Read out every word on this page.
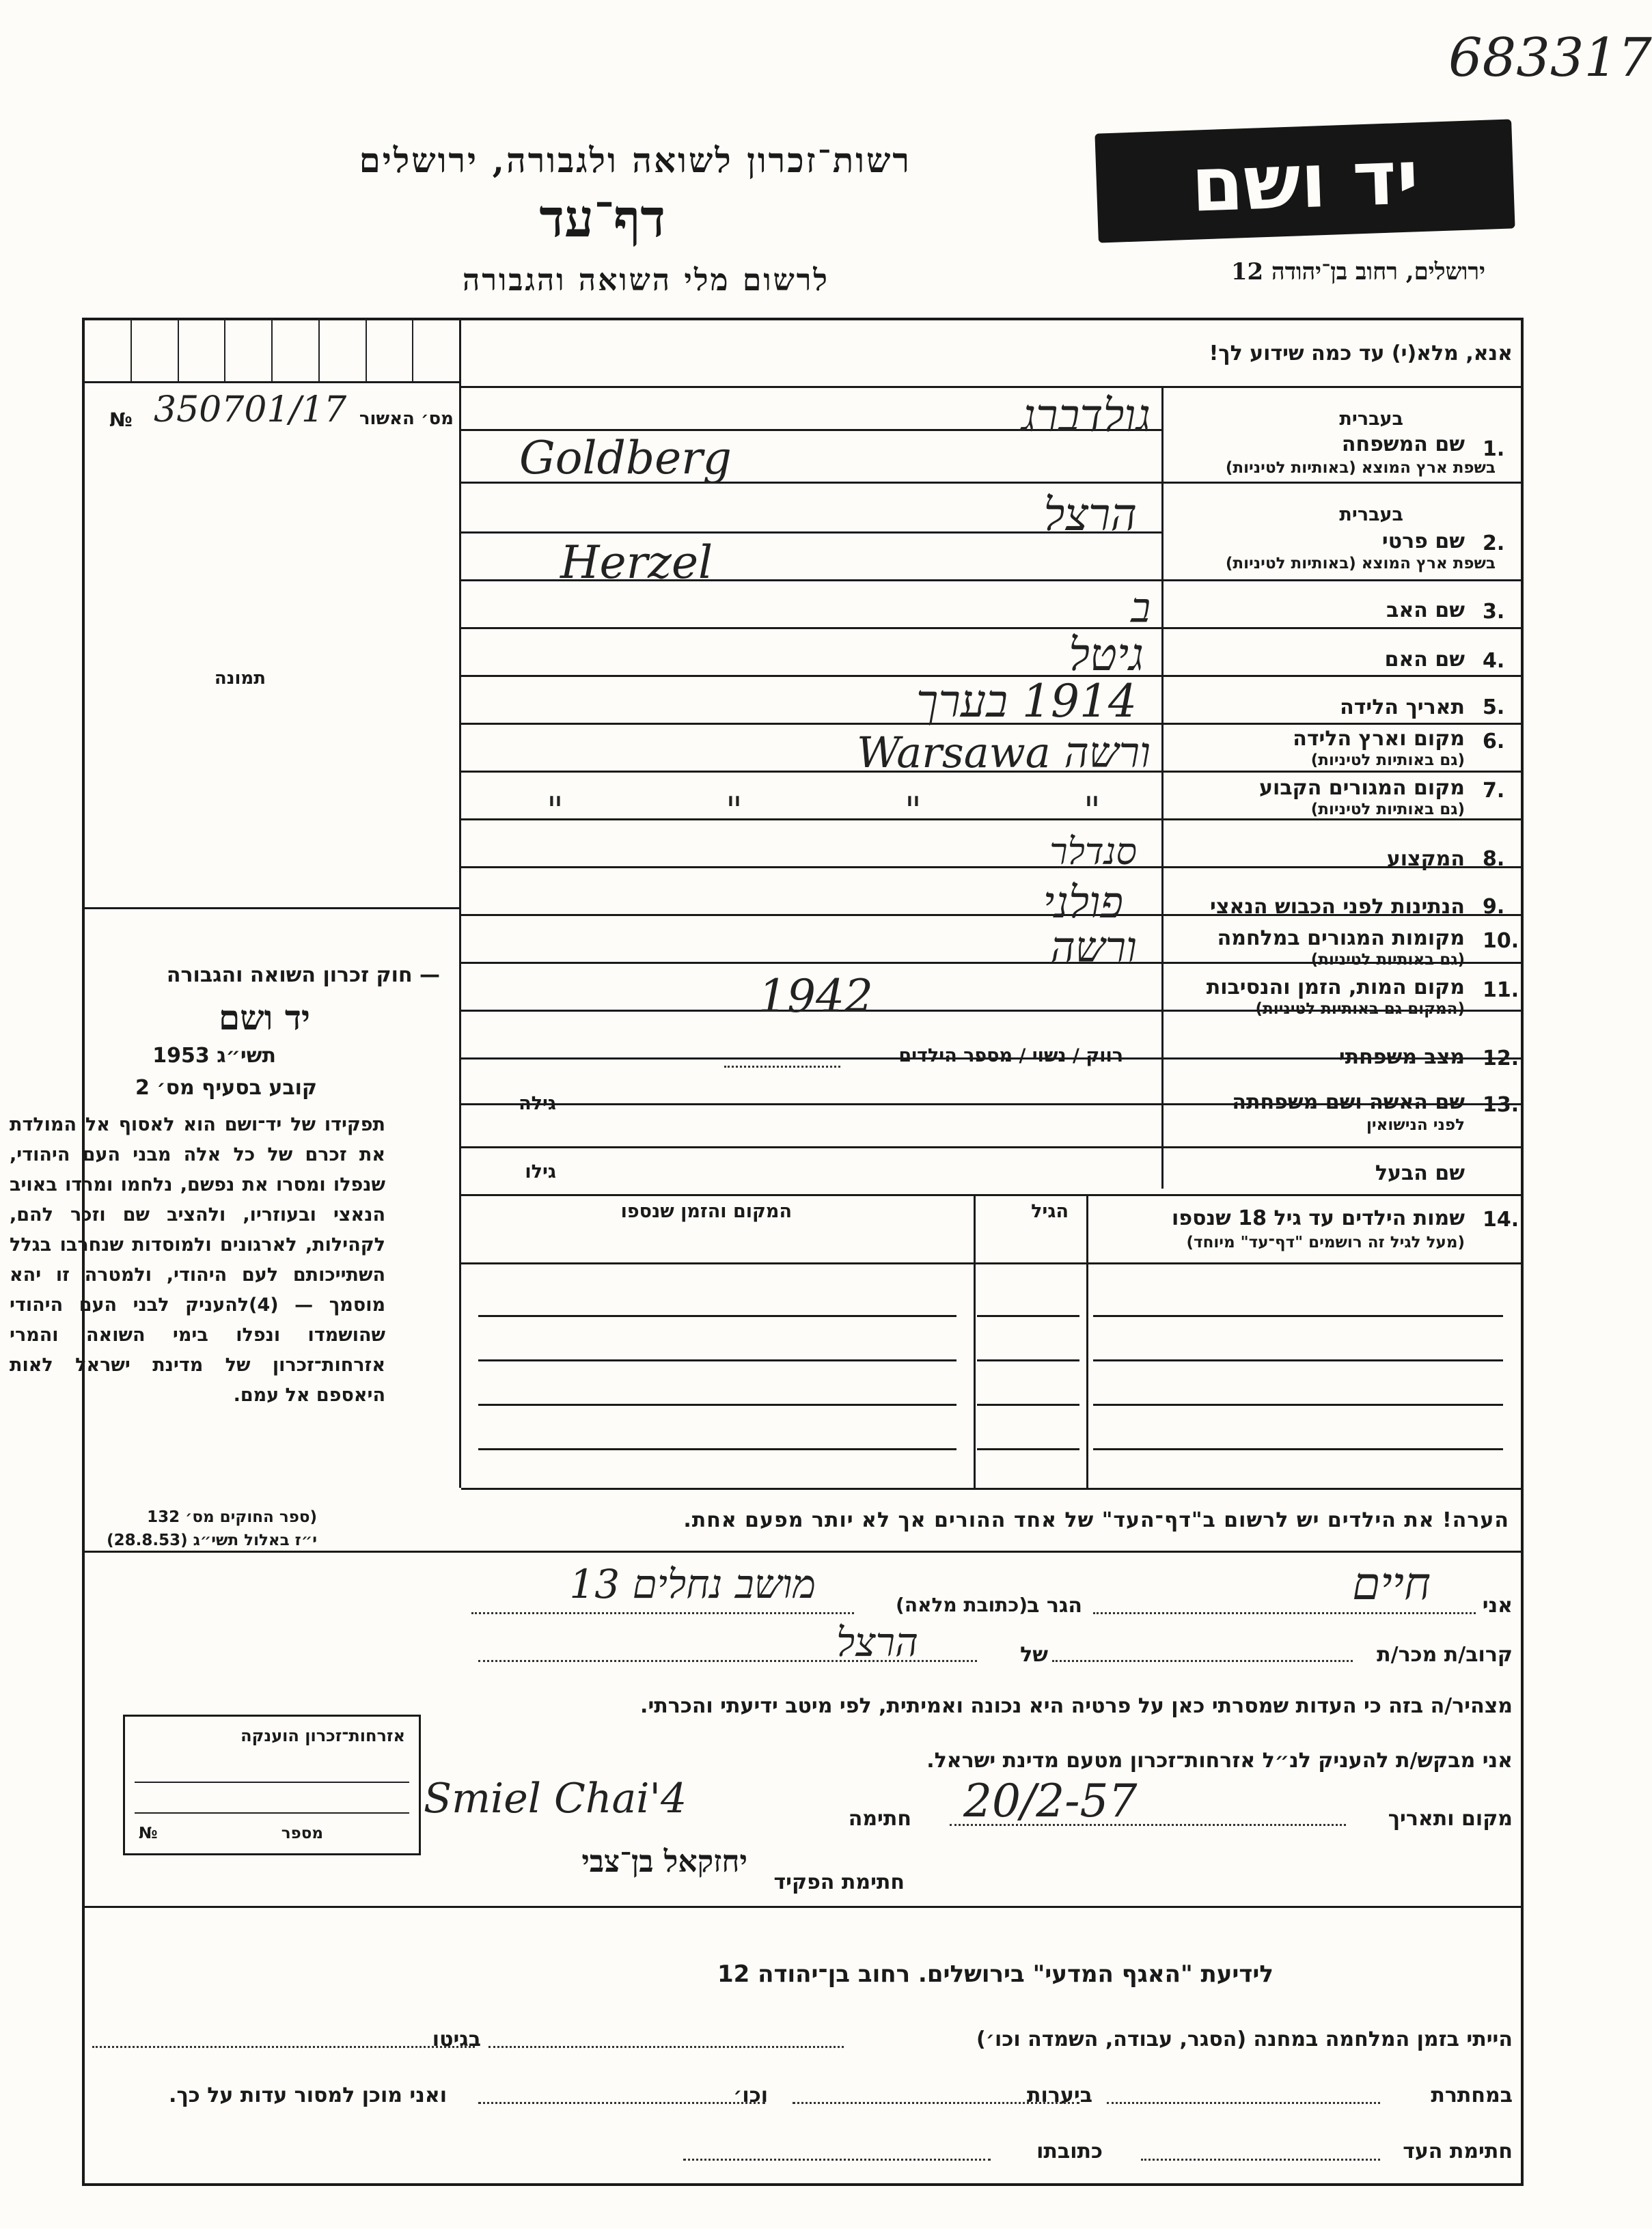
683317
רשות־זכרון לשואה ולגבורה, ירושלים
דף־עד
לרשום מלי השואה והגבורה
יד ושם
ירושלים, רחוב בן־יהודה 12
מס׳ האשור
№ 350701/17
תמונה
אנא, מלא(י) עד כמה שידוע לך!
1.
שם המשפחה
בעברית
בשפת ארץ המוצא (באותיות לטיניות)
גולדברג
Goldberg
2.
שם פרטי
בעברית
בשפת ארץ המוצא (באותיות לטיניות)
הרצל
Herzel
3.
שם האב
ב
4.
שם האם
גיטל
5.
תאריך הלידה
1914 בערך
6.
מקום וארץ הלידה
(גם באותיות לטיניות)
ורשה Warsawa
7.
מקום המגורים הקבוע
(גם באותיות לטיניות)
" " " "
8.
המקצוע
סנדלר
9.
הנתינות לפני הכבוש הנאצי
פולני
10.
מקומות המגורים במלחמה
(גם באותיות לטיניות)
ורשה
11.
מקום המות, הזמן והנסיבות
(המקום גם באותיות לטיניות)
1942
12.
מצב משפחתי
רווק / נשוי / מספר הילדים
13.
שם האשה ושם משפחתה
לפני הנישואין
גילה
שם הבעל
גילו
14.
שמות הילדים עד גיל 18 שנספו
(מעל לגיל זה רושמים "דף־עד" מיוחד)
הגיל
המקום והזמן שנספו
הערה! את הילדים יש לרשום ב"דף־העד" של אחד ההורים אך לא יותר מפעם אחת.
— חוק זכרון השואה והגבורה
יד ושם
תשי״ג 1953
קובע בסעיף מס׳ 2
תפקידו של יד־ושם הוא לאסוף אל המולדת את זכרם של כל אלה מבני העם היהודי, שנפלו ומסרו את נפשם, נלחמו ומרדו באויב הנאצי ובעוזריו, ולהציב שם וזכר להם, לקהילות, לארגונים ולמוסדות שנחרבו בגלל השתייכותם לעם היהודי, ולמטרה זו יהא מוסמך — (4)להעניק לבני העם היהודי שהושמדו ונפלו בימי השואה והמרי אזרחות־זכרון של מדינת ישראל לאות היאספם אל עמם.
(ספר החוקים מס׳ 132
י״ז באלול תשי״ג (28.8.53)
אני
חיים
הגר ב
(כתובת מלאה)
מושב נחלים 13
קרוב/ת מכר/ת
של
הרצל
מצהיר/ה בזה כי העדות שמסרתי כאן על פרטיה היא נכונה ואמיתית, לפי מיטב ידיעתי והכרתי.
אני מבקש/ת להעניק לנ״ל אזרחות־זכרון מטעם מדינת ישראל.
מקום ותאריך
20/2-57
חתימה
Smiel Chai'4
חתימת הפקיד
יחזקאל בן־צבי
אזרחות־זכרון הוענקה
מספר
№
לידיעת "האגף המדעי" בירושלים. רחוב בן־יהודה 12
הייתי בזמן המלחמה במחנה (הסגר, עבודה, השמדה וכו׳)
בגיטו
במחתרת
ביערות
וכו׳
ואני מוכן למסור עדות על כך.
חתימת העד
כתובתו
